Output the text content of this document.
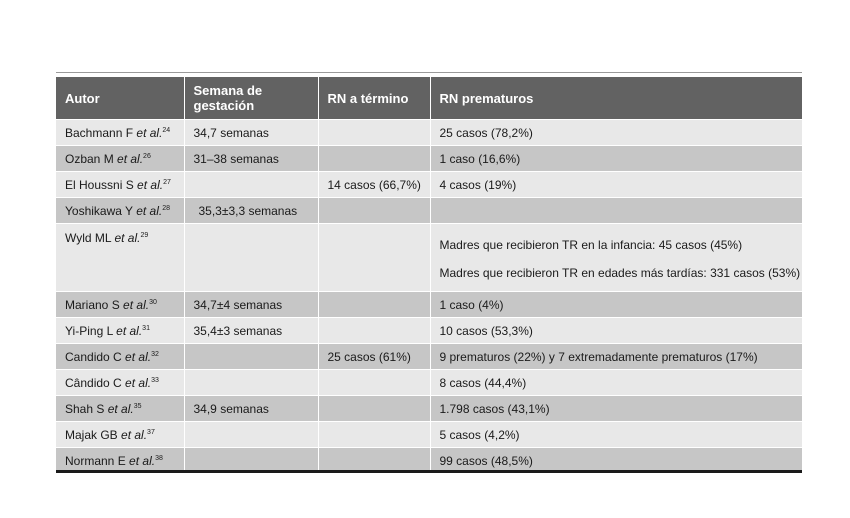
Autor	Semana de gestación	RN a término	RN prematuros
Bachmann F et al.$^{24}$	34,7 semanas		25 casos (78,2%)
Ozban M et al.$^{26}$	31–38 semanas		1 caso (16,6%)
El Houssni S et al.$^{27}$		14 casos (66,7%)	4 casos (19%)
Yoshikawa Y et al.$^{28}$	35,3±3,3 semanas		
Wyld ML et al.$^{29}$			Madres que recibieron TR en la infancia: 45 casos (45%)
Madres que recibieron TR en edades más tardías: 331 casos (53%)

Mariano S et al.$^{30}$	34,7±4 semanas		1 caso (4%)
Yi-Ping L et al.$^{31}$	35,4±3 semanas		10 casos (53,3%)
Candido C et al.$^{32}$		25 casos (61%)	9 prematuros (22%) y 7 extremadamente prematuros (17%)
Cândido C et al.$^{33}$			8 casos (44,4%)
Shah S et al.$^{35}$	34,9 semanas		1.798 casos (43,1%)
Majak GB et al.$^{37}$			5 casos (4,2%)
Normann E et al.$^{38}$			99 casos (48,5%)
